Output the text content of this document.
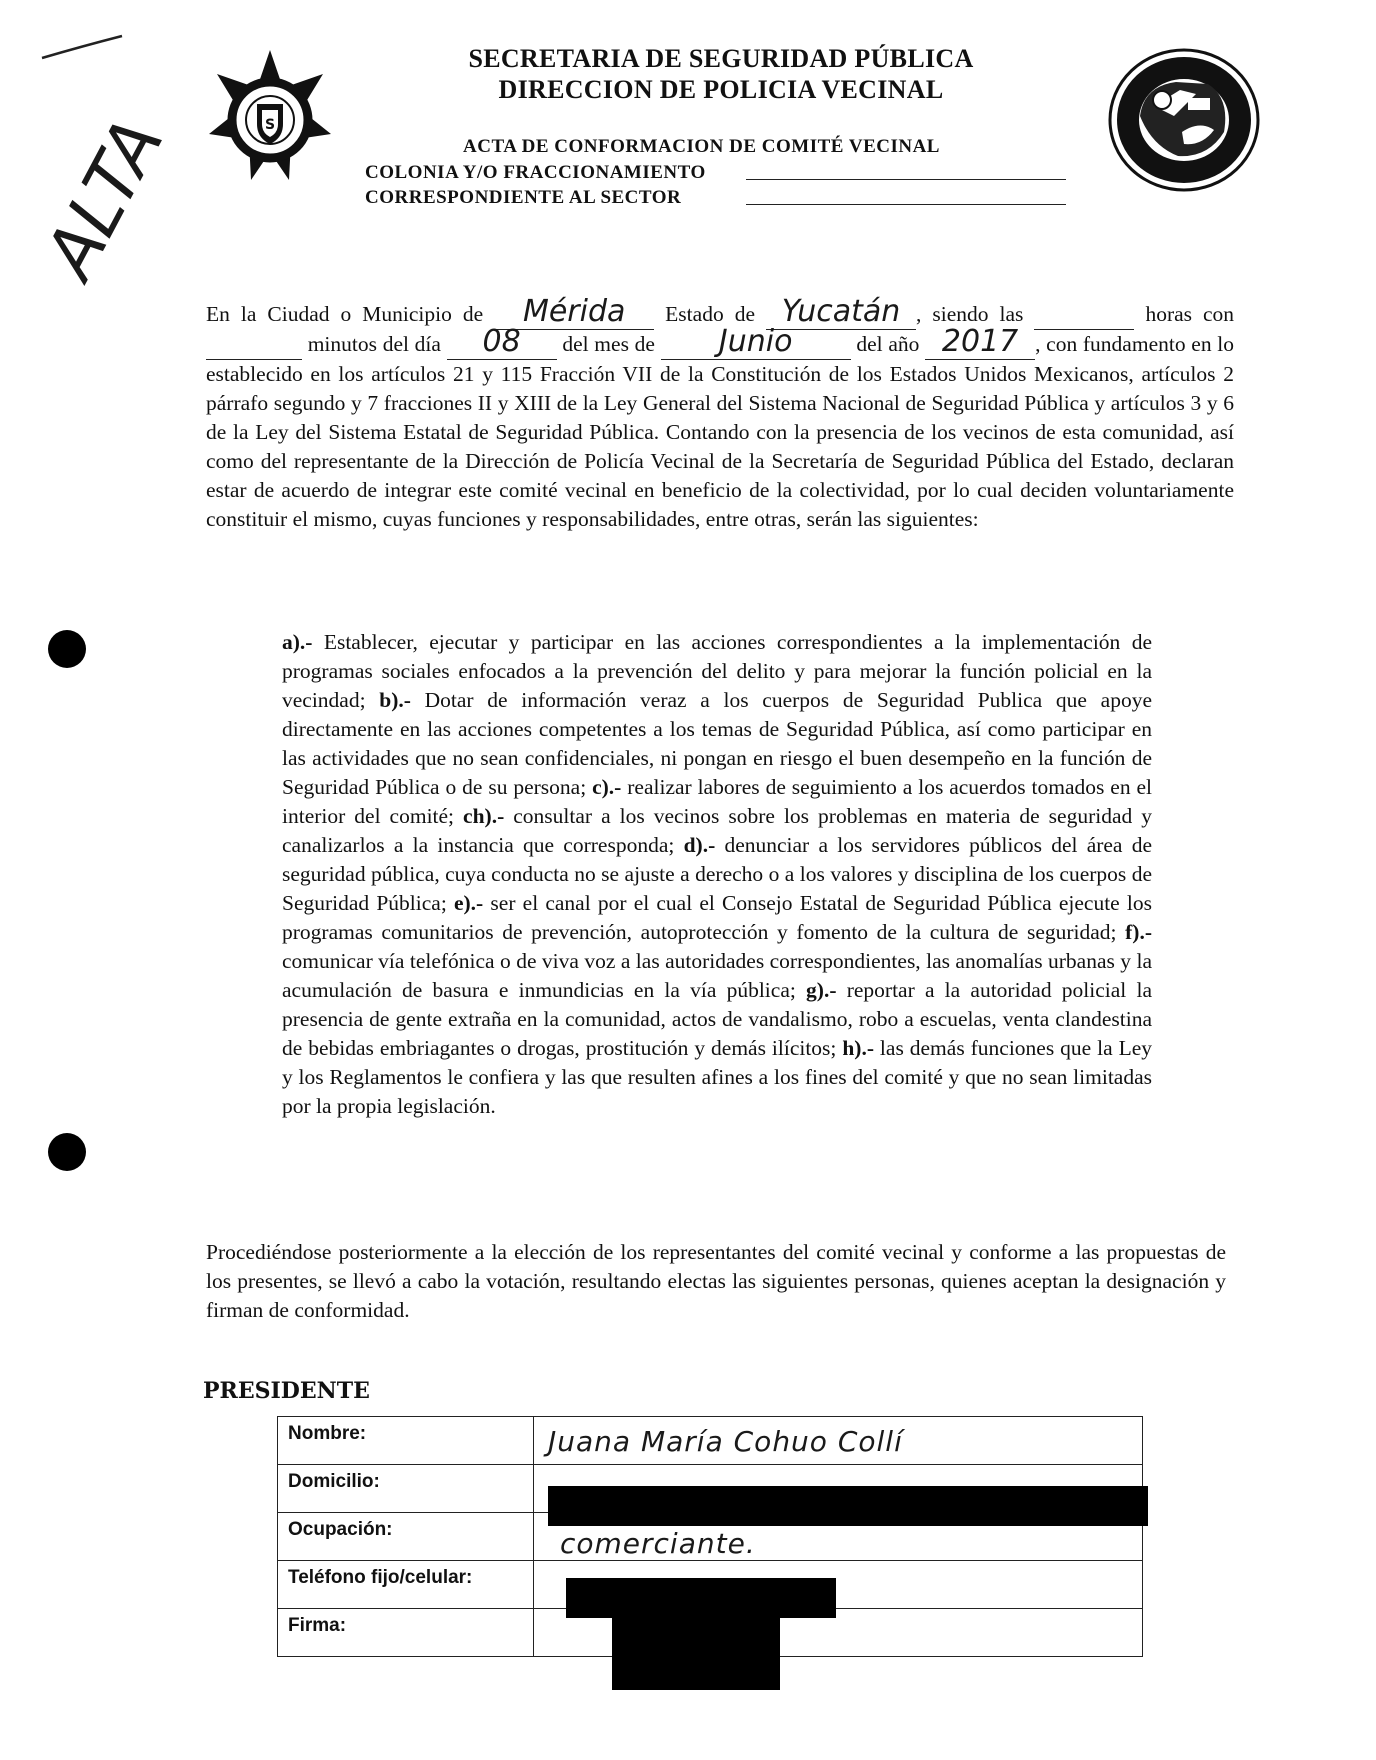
ALTA	S
SECRETARIA DE SEGURIDAD PÚBLICA
DIRECCION DE POLICIA VECINAL
ACTA DE CONFORMACION DE COMITÉ VECINAL
COLONIA Y/O FRACCIONAMIENTO
CORRESPONDIENTE AL SECTOR
En la Ciudad o Municipio de Mérida Estado de Yucatán , siendo las	horas con   minutos del día 08 del mes de Junio	del año 2017 , con fundamento en lo establecido en los artículos 21 y 115 Fracción VII de la Constitución de los Estados Unidos Mexicanos, artículos 2 párrafo segundo y 7 fracciones II y XIII de la Ley General del Sistema Nacional de Seguridad Pública y artículos 3 y 6 de la Ley del Sistema Estatal de Seguridad Pública. Contando con la presencia de los vecinos de esta comunidad, así como del representante de la Dirección de Policía Vecinal de la Secretaría de Seguridad Pública del Estado, declaran estar de acuerdo de integrar este comité vecinal en beneficio de la colectividad, por lo cual deciden voluntariamente constituir el mismo, cuyas funciones y responsabilidades, entre otras, serán las siguientes:
a).- Establecer, ejecutar y participar en las acciones correspondientes a la implementación de programas sociales enfocados a la prevención del delito y para mejorar la función policial en la vecindad; b).- Dotar de información veraz a los cuerpos de Seguridad Publica que apoye directamente en las acciones competentes a los temas de Seguridad Pública, así como participar en las actividades que no sean confidenciales, ni pongan en riesgo el buen desempeño en la función de Seguridad Pública o de su persona; c).- realizar labores de seguimiento a los acuerdos tomados en el interior del comité; ch).- consultar a los vecinos sobre los problemas en materia de seguridad y canalizarlos a la instancia que corresponda; d).- denunciar a los servidores públicos del área de seguridad pública, cuya conducta no se ajuste a derecho o a los valores y disciplina de los cuerpos de Seguridad Pública; e).- ser el canal por el cual el Consejo Estatal de Seguridad Pública ejecute los programas comunitarios de prevención, autoprotección y fomento de la cultura de seguridad; f).- comunicar vía telefónica o de viva voz a las autoridades correspondientes, las anomalías urbanas y la acumulación de basura e inmundicias en la vía pública; g).- reportar a la autoridad policial la presencia de gente extraña en la comunidad, actos de vandalismo, robo a escuelas, venta clandestina de bebidas embriagantes o drogas, prostitución y demás ilícitos; h).- las demás funciones que la Ley y los Reglamentos le confiera y las que resulten afines a los fines del comité y que no sean limitadas por la propia legislación.
Procediéndose posteriormente a la elección de los representantes del comité vecinal y conforme a las propuestas de los presentes, se llevó a cabo la votación, resultando electas las siguientes personas, quienes aceptan la designación y firman de conformidad.
PRESIDENTE
Nombre:	Juana María Cohuo Collí

Domicilio:	
Ocupación:	comerciante.

Teléfono fijo/celular:	
Firma:	
